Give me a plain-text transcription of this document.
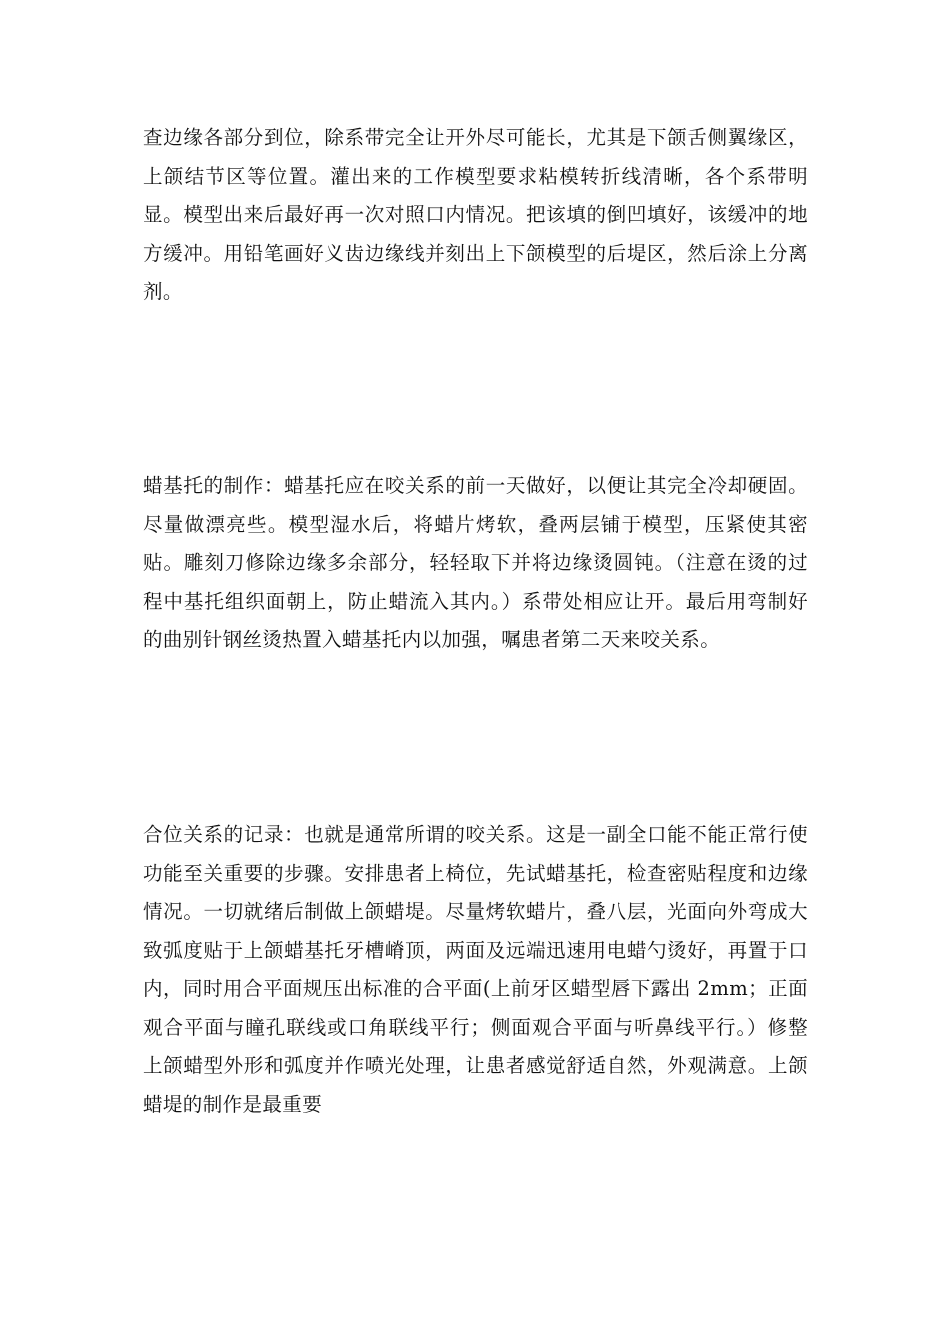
查边缘各部分到位，除系带完全让开外尽可能长，尤其是下颌舌侧翼缘区，上颌结节区等位置。灌出来的工作模型要求粘模转折线清晰，各个系带明显。模型出来后最好再一次对照口内情况。把该填的倒凹填好，该缓冲的地方缓冲。用铅笔画好义齿边缘线并刻出上下颌模型的后堤区，然后涂上分离剂。

蜡基托的制作：蜡基托应在咬关系的前一天做好，以便让其完全冷却硬固。尽量做漂亮些。模型湿水后，将蜡片烤软，叠两层铺于模型，压紧使其密贴。雕刻刀修除边缘多余部分，轻轻取下并将边缘烫圆钝。（注意在烫的过程中基托组织面朝上，防止蜡流入其内。）系带处相应让开。最后用弯制好的曲别针钢丝烫热置入蜡基托内以加强，嘱患者第二天来咬关系。

合位关系的记录：也就是通常所谓的咬关系。这是一副全口能不能正常行使功能至关重要的步骤。安排患者上椅位，先试蜡基托，检查密贴程度和边缘情况。一切就绪后制做上颌蜡堤。尽量烤软蜡片，叠八层，光面向外弯成大致弧度贴于上颌蜡基托牙槽嵴顶，两面及远端迅速用电蜡勺烫好，再置于口内，同时用合平面规压出标准的合平面(上前牙区蜡型唇下露出 2mm；正面观合平面与瞳孔联线或口角联线平行；侧面观合平面与听鼻线平行。）修整上颌蜡型外形和弧度并作喷光处理，让患者感觉舒适自然，外观满意。上颌蜡堤的制作是最重要
